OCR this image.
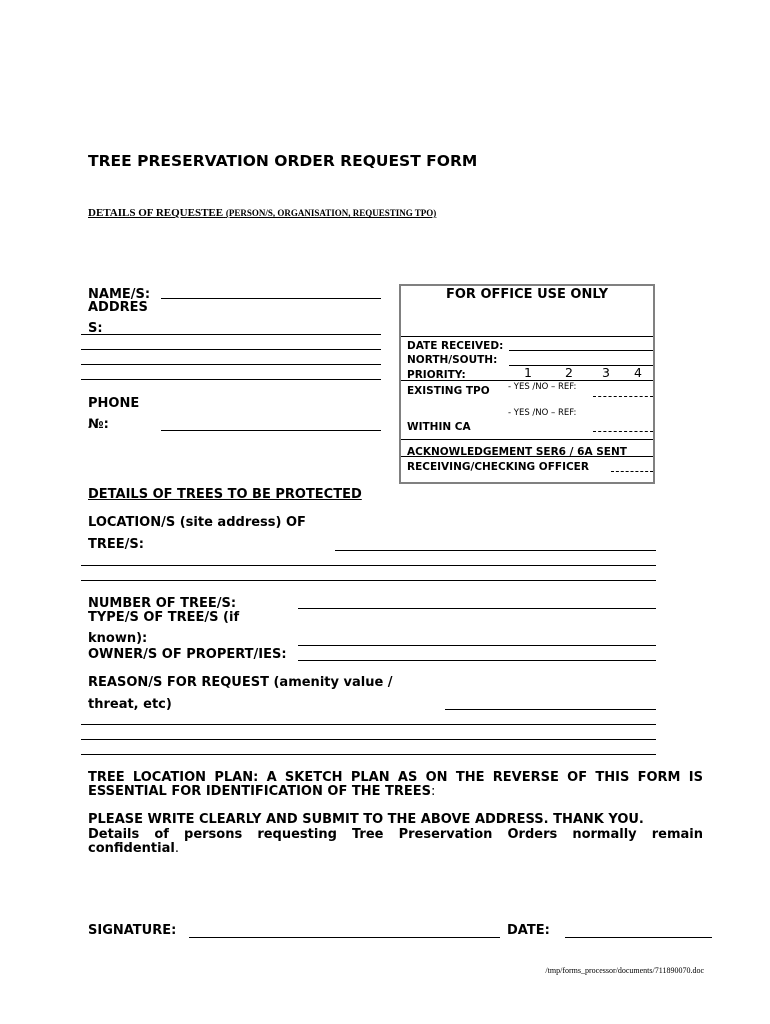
TREE PRESERVATION ORDER REQUEST FORM
DETAILS OF REQUESTEE (PERSON/S, ORGANISATION, REQUESTING TPO)
NAME/S:
ADDRES
S:
PHONE
№:
FOR OFFICE USE ONLY
DATE RECEIVED:
NORTH/SOUTH:
PRIORITY:	1	2 3 4
EXISTING TPO - YES /NO – REF:
- YES /NO – REF:
WITHIN CA
ACKNOWLEDGEMENT SER6 / 6A SENT
RECEIVING/CHECKING OFFICER
DETAILS OF TREES TO BE PROTECTED
LOCATION/S (site address) OF
TREE/S:
NUMBER OF TREE/S:
TYPE/S OF TREE/S (if
known):
OWNER/S OF PROPERT/IES:
REASON/S FOR REQUEST (amenity value /
threat, etc)
TREE LOCATION PLAN: A SKETCH PLAN AS ON THE REVERSE OF THIS FORM IS
ESSENTIAL FOR IDENTIFICATION OF THE TREES:
PLEASE WRITE CLEARLY AND SUBMIT TO THE ABOVE ADDRESS. THANK YOU.
Details of persons requesting Tree Preservation Orders normally remain
confidential.
SIGNATURE:	DATE:
/tmp/forms_processor/documents/711890070.doc
